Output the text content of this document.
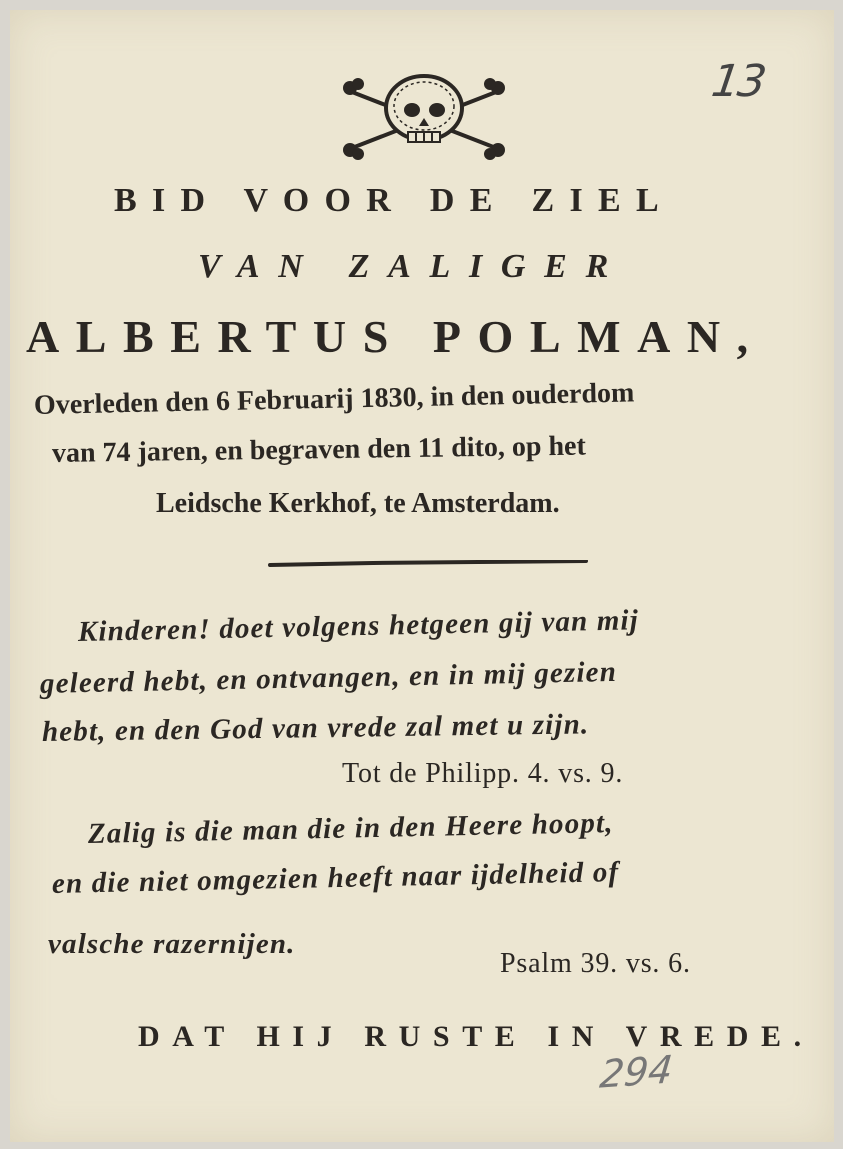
13
BID VOOR DE ZIEL
VAN ZALIGER
ALBERTUS POLMAN,
Overleden den 6 Februarij 1830, in den ouderdom
van 74 jaren, en begraven den 11 dito, op het
Leidsche Kerkhof, te Amsterdam.
Kinderen! doet volgens hetgeen gij van mij
geleerd hebt, en ontvangen, en in mij gezien
hebt, en den God van vrede zal met u zijn.
Tot de Philipp. 4. vs. 9.
Zalig is die man die in den Heere hoopt,
en die niet omgezien heeft naar ijdelheid of
valsche razernijen.
Psalm 39. vs. 6.
DAT HIJ RUSTE IN VREDE.
294
